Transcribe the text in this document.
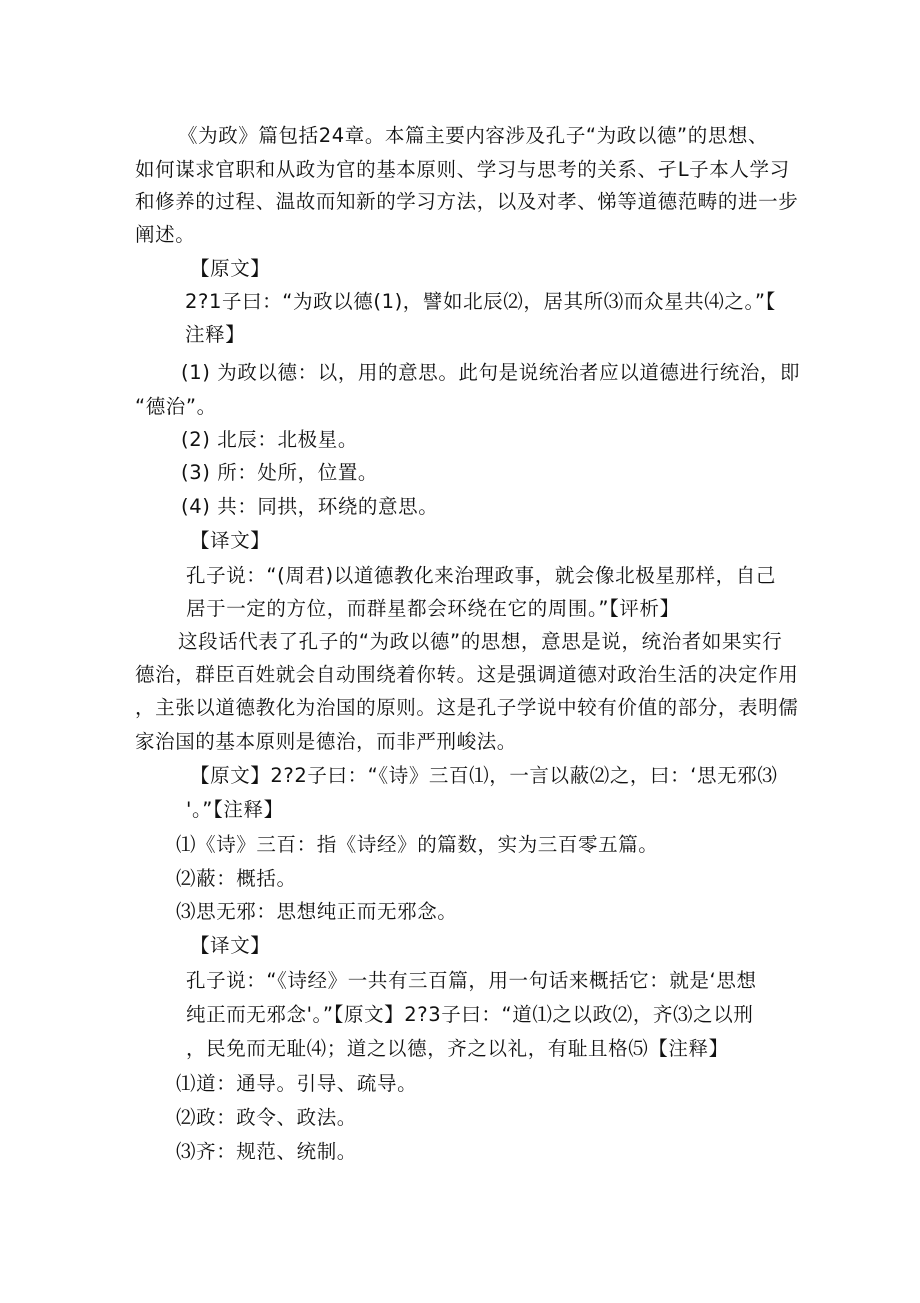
《为政》篇包括24章。本篇主要内容涉及孔子“为政以德”的思想、
如何谋求官职和从政为官的基本原则、学习与思考的关系、孑L子本人学习
和修养的过程、温故而知新的学习方法，以及对孝、悌等道德范畴的进一步
阐述。
【原文】
2?1子曰：“为政以德(1)，譬如北辰⑵，居其所⑶而众星共⑷之。”【
注释】
(1) 为政以德：以，用的意思。此句是说统治者应以道德进行统治，即
“德治”。
(2) 北辰：北极星。
(3) 所：处所，位置。
(4) 共：同拱，环绕的意思。
【译文】
孔子说：“(周君)以道德教化来治理政事，就会像北极星那样，自己
居于一定的方位，而群星都会环绕在它的周围。”【评析】
这段话代表了孔子的“为政以德”的思想，意思是说，统治者如果实行
德治，群臣百姓就会自动围绕着你转。这是强调道德对政治生活的决定作用
，主张以道德教化为治国的原则。这是孔子学说中较有价值的部分，表明儒
家治国的基本原则是德治，而非严刑峻法。
【原文】2?2子曰：“《诗》三百⑴，一言以蔽⑵之，曰：‘思无邪⑶
'。”【注释】
⑴《诗》三百：指《诗经》的篇数，实为三百零五篇。
⑵蔽：概括。
⑶思无邪：思想纯正而无邪念。
【译文】
孔子说：“《诗经》一共有三百篇，用一句话来概括它：就是‘思想
纯正而无邪念'。”【原文】2?3子曰：“道⑴之以政⑵，齐⑶之以刑
，民免而无耻⑷；道之以德，齐之以礼，有耻且格⑸【注释】
⑴道：通导。引导、疏导。
⑵政：政令、政法。
⑶齐：规范、统制。
